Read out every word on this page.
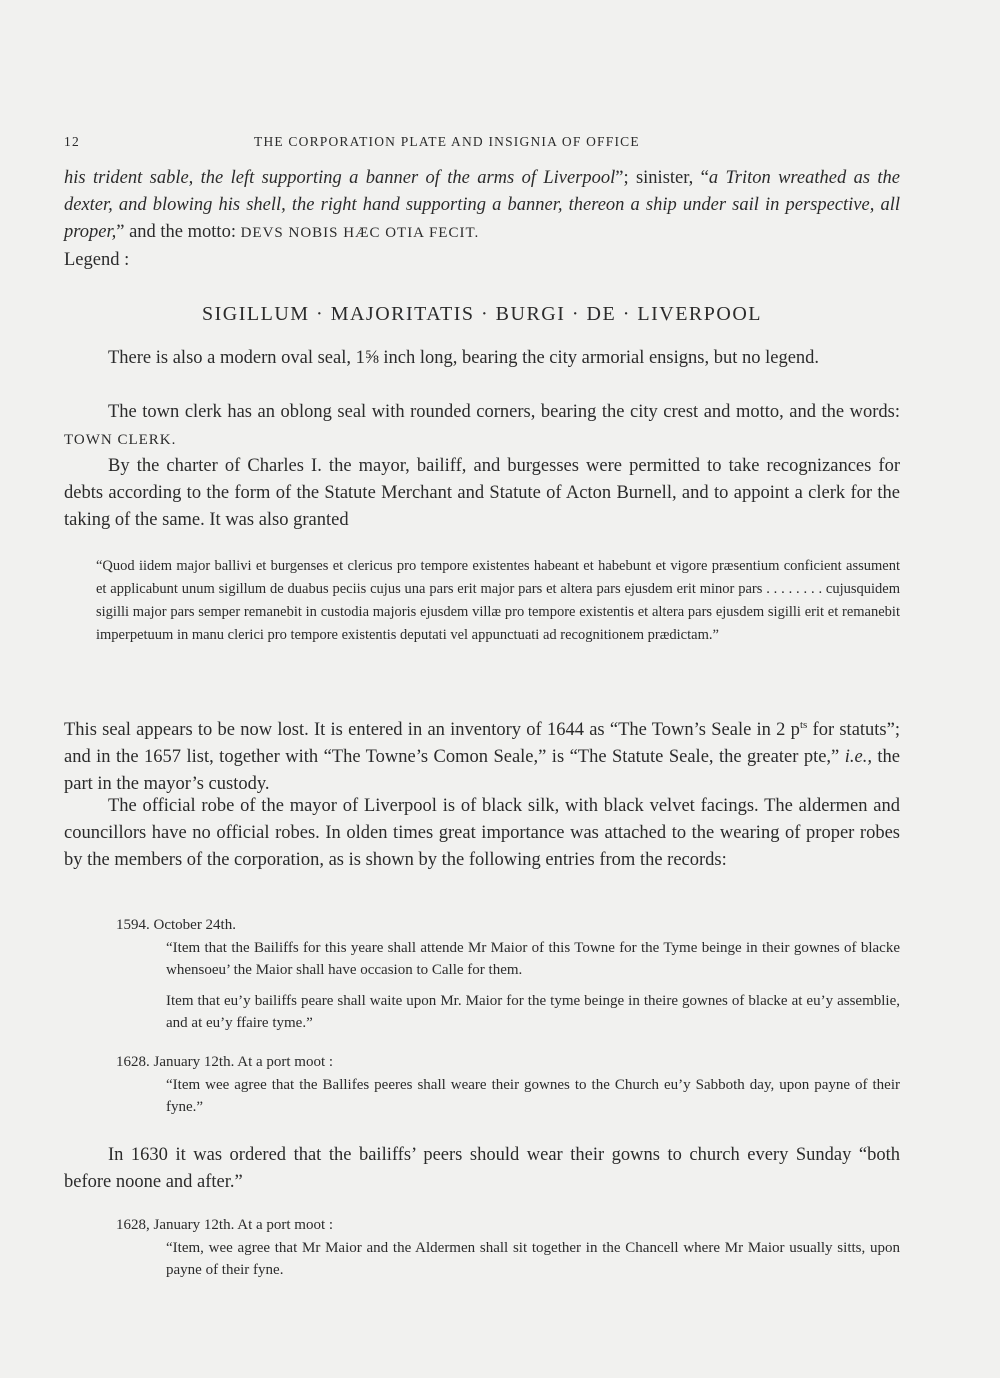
12	THE CORPORATION PLATE AND INSIGNIA OF OFFICE

his trident sable, the left supporting a banner of the arms of Liverpool”; sinister, “a Triton wreathed as the dexter, and blowing his shell, the right hand supporting a banner, thereon a ship under sail in perspective, all proper,” and the motto: DEVS NOBIS HÆC OTIA FECIT.
Legend :

SIGILLUM · MAJORITATIS · BURGI · DE · LIVERPOOL

There is also a modern oval seal, 1⅝ inch long, bearing the city armorial ensigns, but no legend.

The town clerk has an oblong seal with rounded corners, bearing the city crest and motto, and the words: TOWN CLERK.

By the charter of Charles I. the mayor, bailiff, and burgesses were permitted to take recognizances for debts according to the form of the Statute Merchant and Statute of Acton Burnell, and to appoint a clerk for the taking of the same. It was also granted

“Quod iidem major ballivi et burgenses et clericus pro tempore existentes habeant et habebunt et vigore præsentium conficient assument et applicabunt unum sigillum de duabus peciis cujus una pars erit major pars et altera pars ejusdem erit minor pars . . . . . . . . cujusquidem sigilli major pars semper remanebit in custodia majoris ejusdem villæ pro tempore existentis et altera pars ejusdem sigilli erit et remanebit imperpetuum in manu clerici pro tempore existentis deputati vel appunctuati ad recognitionem prædictam.”

This seal appears to be now lost. It is entered in an inventory of 1644 as “The Town’s Seale in 2 $p^{ts}$ for statuts”; and in the 1657 list, together with “The Towne’s Comon Seale,” is “The Statute Seale, the greater pte,” i.e., the part in the mayor’s custody.

The official robe of the mayor of Liverpool is of black silk, with black velvet facings. The aldermen and councillors have no official robes. In olden times great importance was attached to the wearing of proper robes by the members of the corporation, as is shown by the following entries from the records:

1594. October 24th.
“Item that the Bailiffs for this yeare shall attende Mr Maior of this Towne for the Tyme beinge in their gownes of blacke whensoeu’ the Maior shall have occasion to Calle for them.
Item that eu’y bailiffs peare shall waite upon Mr. Maior for the tyme beinge in theire gownes of blacke at eu’y assemblie, and at eu’y ffaire tyme.”
1628. January 12th. At a port moot :
“Item wee agree that the Ballifes peeres shall weare their gownes to the Church eu’y Sabboth day, upon payne of their fyne.”

In 1630 it was ordered that the bailiffs’ peers should wear their gowns to church every Sunday “both before noone and after.”

1628, January 12th. At a port moot :
“Item, wee agree that Mr Maior and the Aldermen shall sit together in the Chancell where Mr Maior usually sitts, upon payne of their fyne.
